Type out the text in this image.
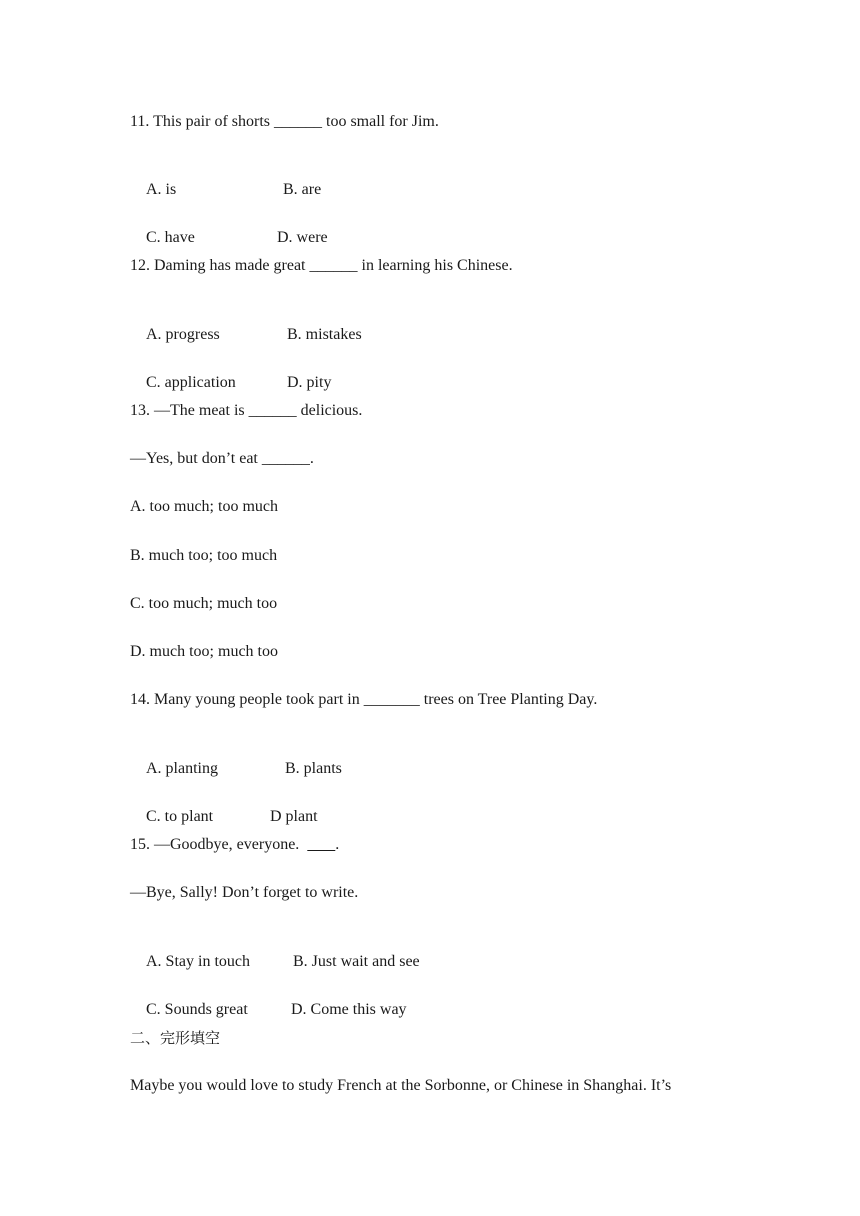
11. This pair of shorts ______ too small for Jim.

A. is	B. are

C. have	D. were

12. Daming has made great ______ in learning his Chinese.

A. progress	B. mistakes

C. application	D. pity

13. —The meat is ______ delicious.
—Yes, but don’t eat ______.
A. too much; too much
B. much too; too much
C. too much; much too
D. much too; much too
14. Many young people took part in _______ trees on Tree Planting Day.

A. planting	B. plants

C. to plant	D plant

15. —Goodbye, everyone.         .
—Bye, Sally! Don’t forget to write.

A. Stay in touch	B. Just wait and see

C. Sounds great	D. Come this way

二、完形填空
Maybe you would love to study French at the Sorbonne, or Chinese in Shanghai. It’s
